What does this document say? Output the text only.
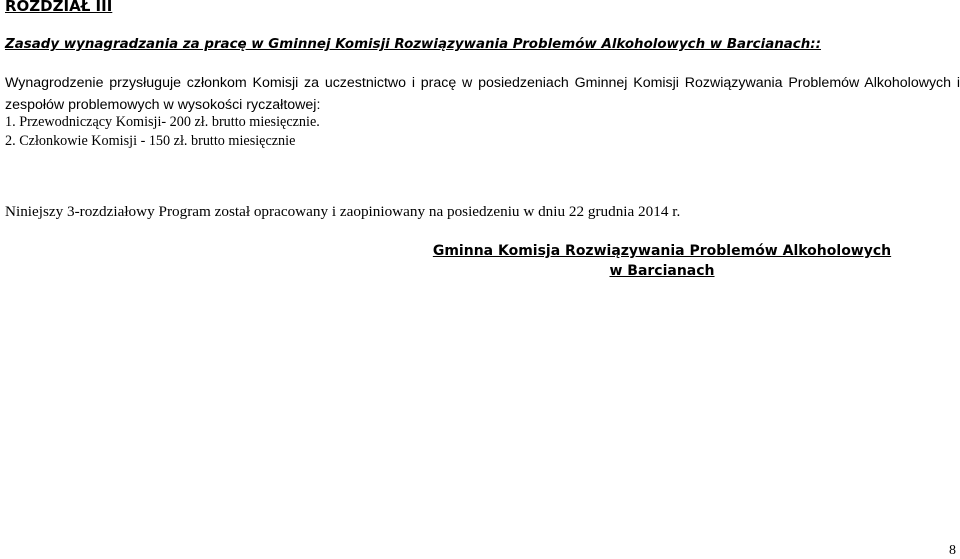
ROZDZIAŁ III
Zasady wynagradzania za pracę w Gminnej Komisji Rozwiązywania Problemów Alkoholowych w Barcianach::

Wynagrodzenie przysługuje członkom Komisji za uczestnictwo i pracę w posiedzeniach Gminnej Komisji Rozwiązywania Problemów Alkoholowych i zespołów problemowych w wysokości ryczałtowej:

1. Przewodniczący Komisji- 200 zł. brutto miesięcznie.
2. Członkowie Komisji - 150 zł. brutto miesięcznie

Niniejszy 3-rozdziałowy Program został opracowany i zaopiniowany na posiedzeniu w dniu 22 grudnia 2014 r.

Gminna Komisja Rozwiązywania Problemów Alkoholowych
w Barcianach
8
